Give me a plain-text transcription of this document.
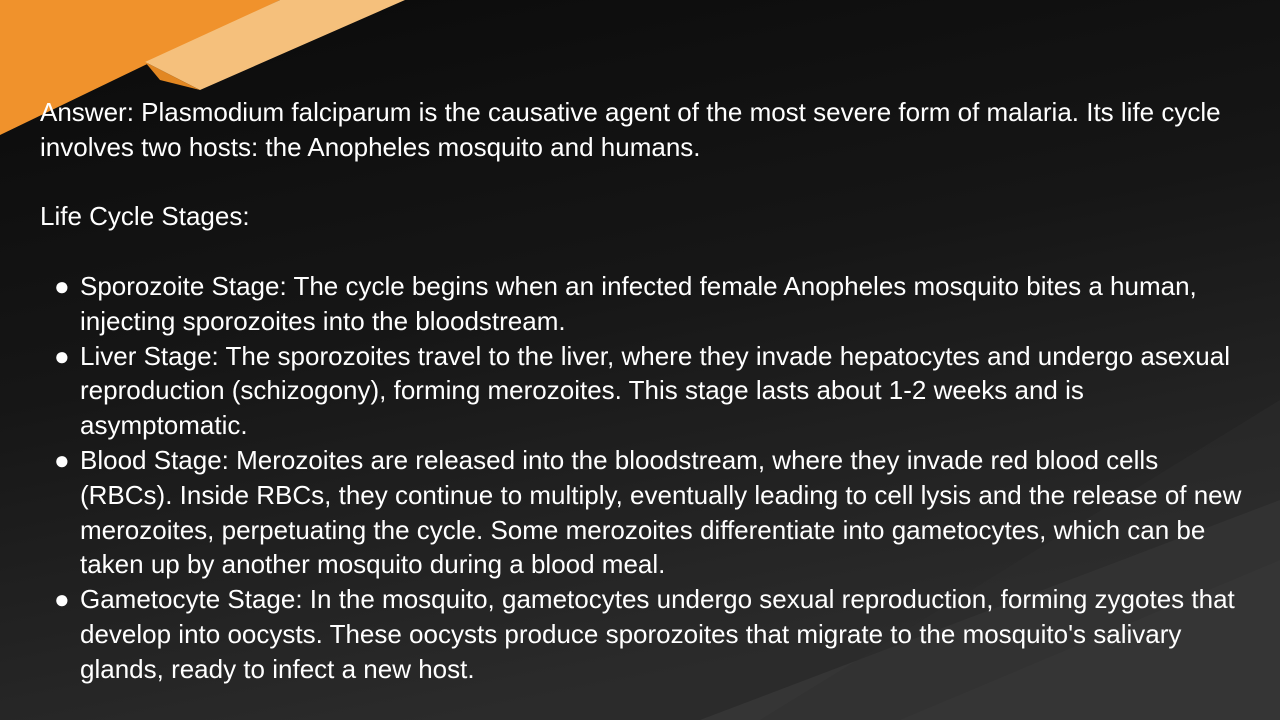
Answer: Plasmodium falciparum is the causative agent of the most severe form of malaria. Its life cycle involves two hosts: the Anopheles mosquito and humans.

Life Cycle Stages:

● Sporozoite Stage: The cycle begins when an infected female Anopheles mosquito bites a human, injecting sporozoites into the bloodstream.
● Liver Stage: The sporozoites travel to the liver, where they invade hepatocytes and undergo asexual reproduction (schizogony), forming merozoites. This stage lasts about 1-2 weeks and is asymptomatic.
● Blood Stage: Merozoites are released into the bloodstream, where they invade red blood cells (RBCs). Inside RBCs, they continue to multiply, eventually leading to cell lysis and the release of new merozoites, perpetuating the cycle. Some merozoites differentiate into gametocytes, which can be taken up by another mosquito during a blood meal.
● Gametocyte Stage: In the mosquito, gametocytes undergo sexual reproduction, forming zygotes that develop into oocysts. These oocysts produce sporozoites that migrate to the mosquito's salivary glands, ready to infect a new host.
